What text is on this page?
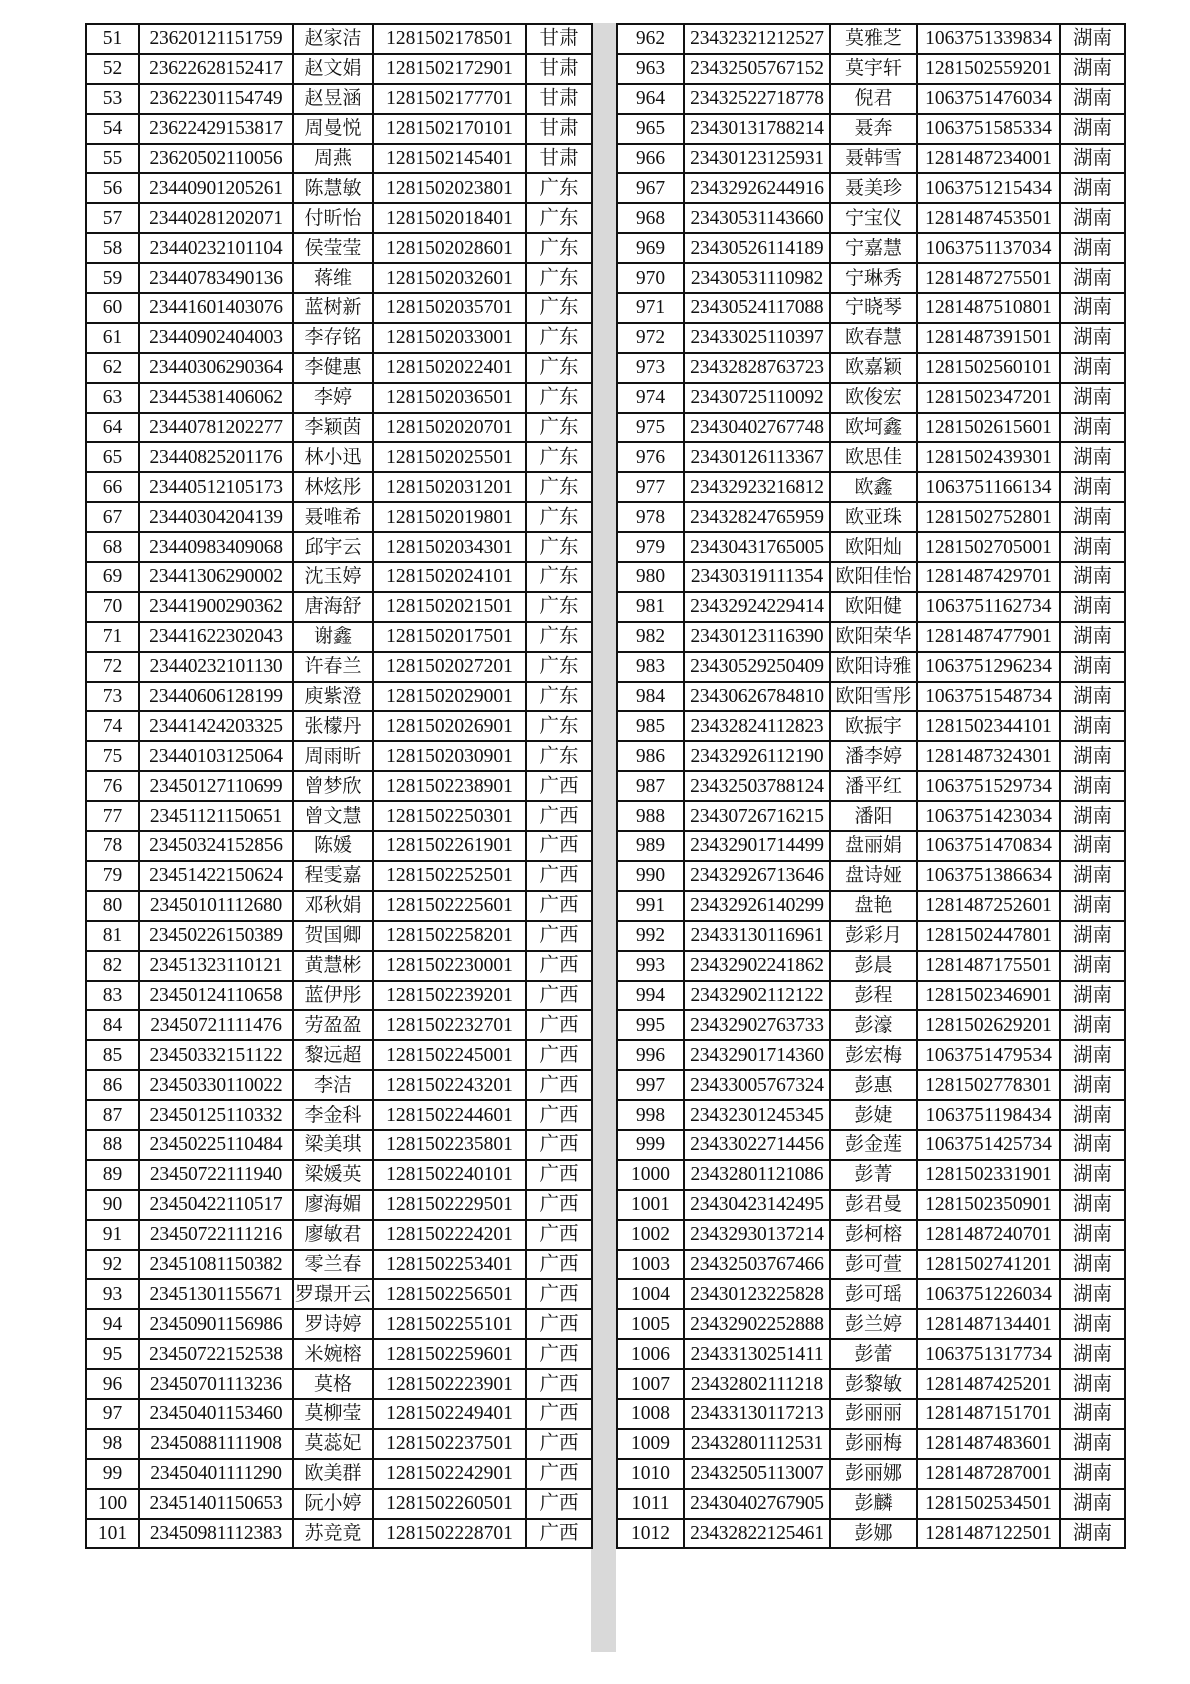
51	23620121151759	赵家洁	1281502178501	甘肃
52	23622628152417	赵文娟	1281502172901	甘肃
53	23622301154749	赵昱涵	1281502177701	甘肃
54	23622429153817	周曼悦	1281502170101	甘肃
55	23620502110056	周燕	1281502145401	甘肃
56	23440901205261	陈慧敏	1281502023801	广东
57	23440281202071	付昕怡	1281502018401	广东
58	23440232101104	侯莹莹	1281502028601	广东
59	23440783490136	蒋维	1281502032601	广东
60	23441601403076	蓝树新	1281502035701	广东
61	23440902404003	李存铭	1281502033001	广东
62	23440306290364	李健惠	1281502022401	广东
63	23445381406062	李婷	1281502036501	广东
64	23440781202277	李颖茵	1281502020701	广东
65	23440825201176	林小迅	1281502025501	广东
66	23440512105173	林炫彤	1281502031201	广东
67	23440304204139	聂唯希	1281502019801	广东
68	23440983409068	邱宇云	1281502034301	广东
69	23441306290002	沈玉婷	1281502024101	广东
70	23441900290362	唐海舒	1281502021501	广东
71	23441622302043	谢鑫	1281502017501	广东
72	23440232101130	许春兰	1281502027201	广东
73	23440606128199	庾紫澄	1281502029001	广东
74	23441424203325	张檬丹	1281502026901	广东
75	23440103125064	周雨昕	1281502030901	广东
76	23450127110699	曾梦欣	1281502238901	广西
77	23451121150651	曾文慧	1281502250301	广西
78	23450324152856	陈媛	1281502261901	广西
79	23451422150624	程雯嘉	1281502252501	广西
80	23450101112680	邓秋娟	1281502225601	广西
81	23450226150389	贺国卿	1281502258201	广西
82	23451323110121	黄慧彬	1281502230001	广西
83	23450124110658	蓝伊彤	1281502239201	广西
84	23450721111476	劳盈盈	1281502232701	广西
85	23450332151122	黎远超	1281502245001	广西
86	23450330110022	李洁	1281502243201	广西
87	23450125110332	李金科	1281502244601	广西
88	23450225110484	梁美琪	1281502235801	广西
89	23450722111940	梁媛英	1281502240101	广西
90	23450422110517	廖海媚	1281502229501	广西
91	23450722111216	廖敏君	1281502224201	广西
92	23451081150382	零兰春	1281502253401	广西
93	23451301155671	罗璟开云	1281502256501	广西
94	23450901156986	罗诗婷	1281502255101	广西
95	23450722152538	米婉榕	1281502259601	广西
96	23450701113236	莫格	1281502223901	广西
97	23450401153460	莫柳莹	1281502249401	广西
98	23450881111908	莫蕊妃	1281502237501	广西
99	23450401111290	欧美群	1281502242901	广西
100	23451401150653	阮小婷	1281502260501	广西
101	23450981112383	苏竞竟	1281502228701	广西
962	23432321212527	莫雅芝	1063751339834	湖南
963	23432505767152	莫宇轩	1281502559201	湖南
964	23432522718778	倪君	1063751476034	湖南
965	23430131788214	聂奔	1063751585334	湖南
966	23430123125931	聂韩雪	1281487234001	湖南
967	23432926244916	聂美珍	1063751215434	湖南
968	23430531143660	宁宝仪	1281487453501	湖南
969	23430526114189	宁嘉慧	1063751137034	湖南
970	23430531110982	宁琳秀	1281487275501	湖南
971	23430524117088	宁晓琴	1281487510801	湖南
972	23433025110397	欧春慧	1281487391501	湖南
973	23432828763723	欧嘉颖	1281502560101	湖南
974	23430725110092	欧俊宏	1281502347201	湖南
975	23430402767748	欧坷鑫	1281502615601	湖南
976	23430126113367	欧思佳	1281502439301	湖南
977	23432923216812	欧鑫	1063751166134	湖南
978	23432824765959	欧亚珠	1281502752801	湖南
979	23430431765005	欧阳灿	1281502705001	湖南
980	23430319111354	欧阳佳怡	1281487429701	湖南
981	23432924229414	欧阳健	1063751162734	湖南
982	23430123116390	欧阳荣华	1281487477901	湖南
983	23430529250409	欧阳诗雅	1063751296234	湖南
984	23430626784810	欧阳雪彤	1063751548734	湖南
985	23432824112823	欧振宇	1281502344101	湖南
986	23432926112190	潘李婷	1281487324301	湖南
987	23432503788124	潘平红	1063751529734	湖南
988	23430726716215	潘阳	1063751423034	湖南
989	23432901714499	盘丽娟	1063751470834	湖南
990	23432926713646	盘诗娅	1063751386634	湖南
991	23432926140299	盘艳	1281487252601	湖南
992	23433130116961	彭彩月	1281502447801	湖南
993	23432902241862	彭晨	1281487175501	湖南
994	23432902112122	彭程	1281502346901	湖南
995	23432902763733	彭濠	1281502629201	湖南
996	23432901714360	彭宏梅	1063751479534	湖南
997	23433005767324	彭惠	1281502778301	湖南
998	23432301245345	彭婕	1063751198434	湖南
999	23433022714456	彭金莲	1063751425734	湖南
1000	23432801121086	彭菁	1281502331901	湖南
1001	23430423142495	彭君曼	1281502350901	湖南
1002	23432930137214	彭柯榕	1281487240701	湖南
1003	23432503767466	彭可萱	1281502741201	湖南
1004	23430123225828	彭可瑶	1063751226034	湖南
1005	23432902252888	彭兰婷	1281487134401	湖南
1006	23433130251411	彭蕾	1063751317734	湖南
1007	23432802111218	彭黎敏	1281487425201	湖南
1008	23433130117213	彭丽丽	1281487151701	湖南
1009	23432801112531	彭丽梅	1281487483601	湖南
1010	23432505113007	彭丽娜	1281487287001	湖南
1011	23430402767905	彭麟	1281502534501	湖南
1012	23432822125461	彭娜	1281487122501	湖南
